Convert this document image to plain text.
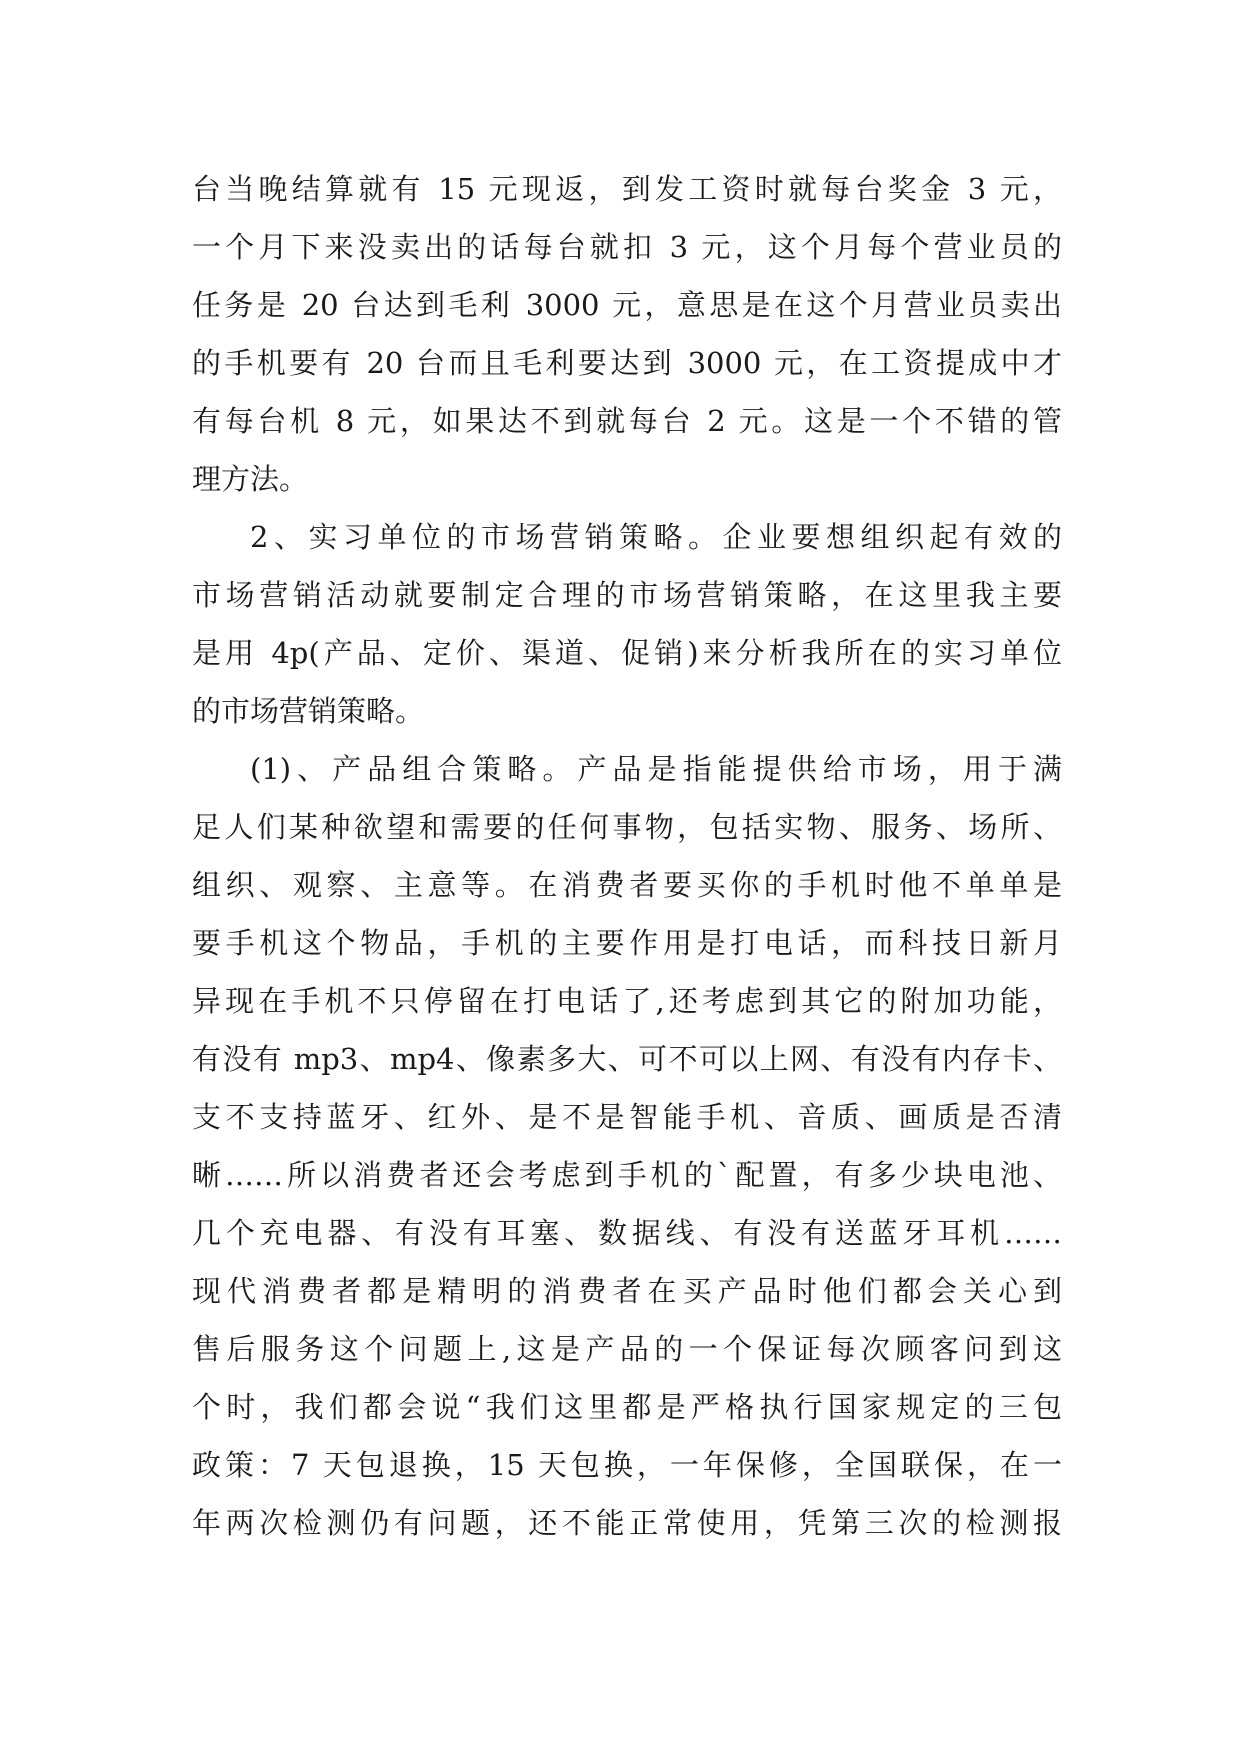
台当晚结算就有 15 元现返，到发工资时就每台奖金 3 元，
一个月下来没卖出的话每台就扣 3 元，这个月每个营业员的
任务是 20 台达到毛利 3000 元，意思是在这个月营业员卖出
的手机要有 20 台而且毛利要达到 3000 元，在工资提成中才
有每台机 8 元，如果达不到就每台 2 元。这是一个不错的管
理方法。
2、实习单位的市场营销策略。企业要想组织起有效的
市场营销活动就要制定合理的市场营销策略，在这里我主要
是用 4p(产品、定价、渠道、促销)来分析我所在的实习单位
的市场营销策略。
(1)、产品组合策略。产品是指能提供给市场，用于满
足人们某种欲望和需要的任何事物，包括实物、服务、场所、
组织、观察、主意等。在消费者要买你的手机时他不单单是
要手机这个物品，手机的主要作用是打电话，而科技日新月
异现在手机不只停留在打电话了,还考虑到其它的附加功能，
有没有 mp3、mp4、像素多大、可不可以上网、有没有内存卡、
支不支持蓝牙、红外、是不是智能手机、音质、画质是否清
晰……所以消费者还会考虑到手机的`配置，有多少块电池、
几个充电器、有没有耳塞、数据线、有没有送蓝牙耳机……
现代消费者都是精明的消费者在买产品时他们都会关心到
售后服务这个问题上,这是产品的一个保证每次顾客问到这
个时，我们都会说“我们这里都是严格执行国家规定的三包
政策：7 天包退换，15 天包换，一年保修，全国联保，在一
年两次检测仍有问题，还不能正常使用，凭第三次的检测报
